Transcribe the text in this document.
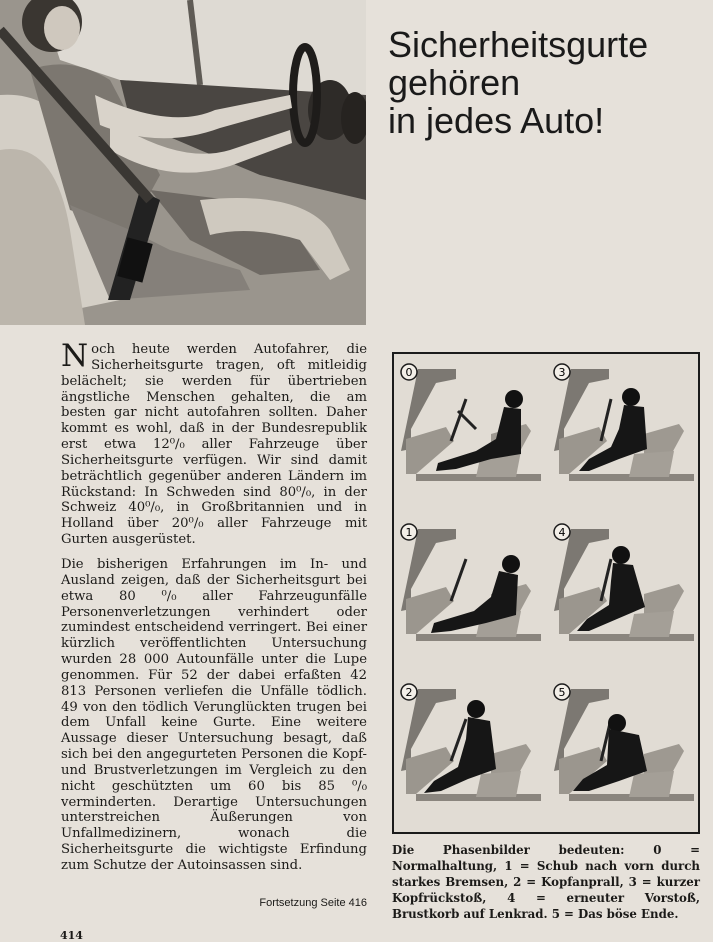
Sicherheitsgurte
gehören
in jedes Auto!

Noch heute werden Autofahrer, die Sicherheitsgurte tragen, oft mitleidig belächelt; sie werden für übertrieben ängstliche Menschen gehalten, die am besten gar nicht autofahren sollten. Daher kommt es wohl, daß in der Bundesrepublik erst etwa 12⁰/₀ aller Fahrzeuge über Sicherheitsgurte verfügen. Wir sind damit beträchtlich gegenüber anderen Ländern im Rückstand: In Schweden sind 80⁰/₀, in der Schweiz 40⁰/₀, in Großbritannien und in Holland über 20⁰/₀ aller Fahrzeuge mit Gurten ausgerüstet.

Die bisherigen Erfahrungen im In- und Ausland zeigen, daß der Sicherheitsgurt bei etwa 80 ⁰/₀ aller Fahrzeugunfälle Personenverletzungen verhindert oder zumindest entscheidend verringert. Bei einer kürzlich veröffentlichten Untersuchung wurden 28 000 Autounfälle unter die Lupe genommen. Für 52 der dabei erfaßten 42 813 Personen verliefen die Unfälle tödlich. 49 von den tödlich Verunglückten trugen bei dem Unfall keine Gurte. Eine weitere Aussage dieser Untersuchung besagt, daß sich bei den angegurteten Personen die Kopf- und Brustverletzungen im Vergleich zu den nicht geschützten um 60 bis 85 ⁰/₀ verminderten. Derartige Untersuchungen unterstreichen Äußerungen von Unfallmedizinern, wonach die Sicherheitsgurte die wichtigste Erfindung zum Schutze der Autoinsassen sind.

Fortsetzung Seite 416
0	3
1	4
2	5

Die Phasenbilder bedeuten: 0 = Normalhaltung, 1 = Schub nach vorn durch starkes Bremsen, 2 = Kopfanprall, 3 = kurzer Kopfrückstoß, 4 = erneuter Vorstoß, Brustkorb auf Lenkrad. 5 = Das böse Ende.

414
